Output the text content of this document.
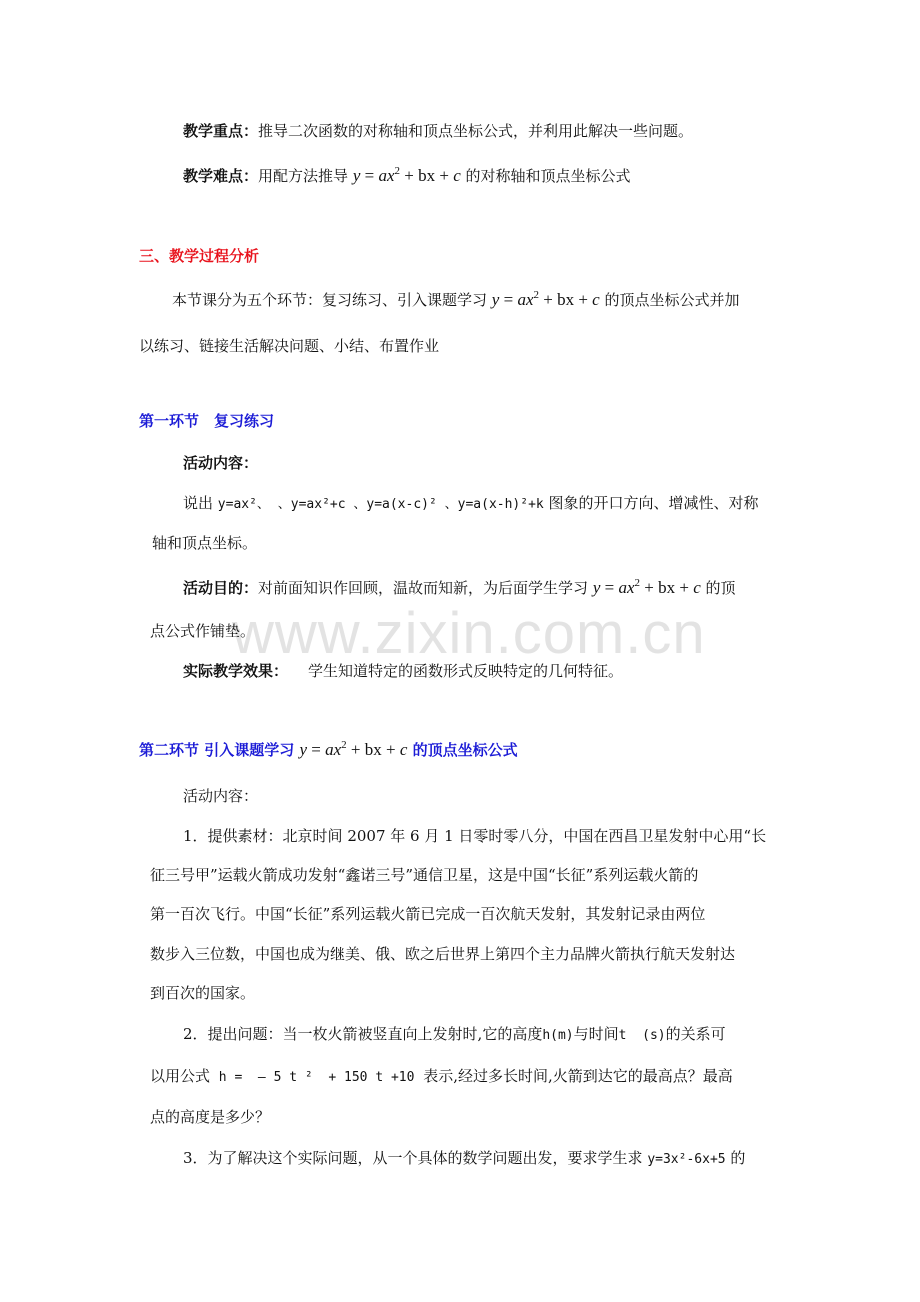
www.zixin.com.cn
教学重点：推导二次函数的对称轴和顶点坐标公式，并利用此解决一些问题。
教学难点：用配方法推导 $y = ax^2$ + bx + c 的对称轴和顶点坐标公式
三、教学过程分析
本节课分为五个环节：复习练习、引入课题学习 $y = ax^2$ + bx + c 的顶点坐标公式并加
以练习、链接生活解决问题、小结、布置作业
第一环节　复习练习
活动内容：
说出 y=ax²、 、y=ax²+c 、y=a(x-c)² 、y=a(x-h)²+k 图象的开口方向、增减性、对称
轴和顶点坐标。
活动目的：对前面知识作回顾，温故而知新，为后面学生学习 $y = ax^2$ + bx + c 的顶
点公式作铺垫。
实际教学效果： 学生知道特定的函数形式反映特定的几何特征。
第二环节 引入课题学习 $y = ax^2$ + bx + c 的顶点坐标公式
活动内容：
1．提供素材：北京时间 2007 年 6 月 1 日零时零八分，中国在西昌卫星发射中心用“长
征三号甲”运载火箭成功发射“鑫诺三号”通信卫星，这是中国“长征”系列运载火箭的
第一百次飞行。中国“长征”系列运载火箭已完成一百次航天发射，其发射记录由两位
数步入三位数，中国也成为继美、俄、欧之后世界上第四个主力品牌火箭执行航天发射达
到百次的国家。
2．提出问题：当一枚火箭被竖直向上发射时,它的高度h(m)与时间t  (s)的关系可
以用公式 h =  – 5 t ²  + 150 t +10 表示,经过多长时间,火箭到达它的最高点？最高
点的高度是多少？
3．为了解决这个实际问题，从一个具体的数学问题出发，要求学生求 y=3x²-6x+5 的
